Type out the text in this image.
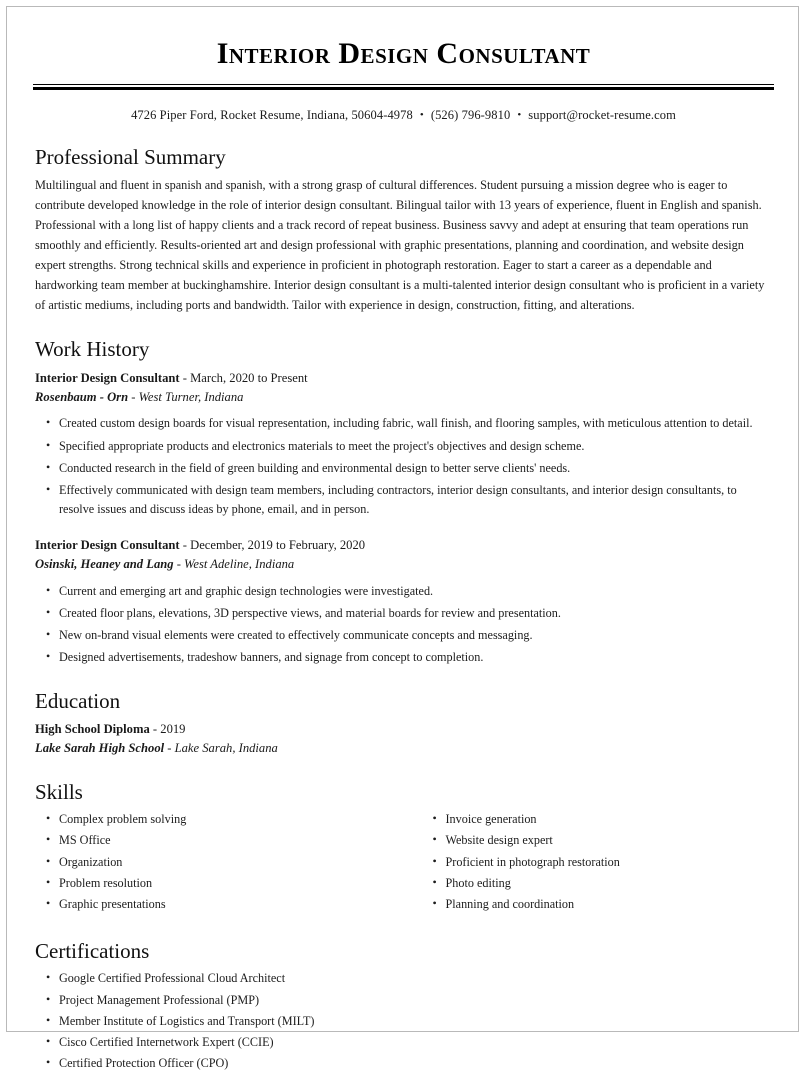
Interior Design Consultant
4726 Piper Ford, Rocket Resume, Indiana, 50604-4978 • (526) 796-9810 • support@rocket-resume.com
Professional Summary
Multilingual and fluent in spanish and spanish, with a strong grasp of cultural differences. Student pursuing a mission degree who is eager to contribute developed knowledge in the role of interior design consultant. Bilingual tailor with 13 years of experience, fluent in English and spanish. Professional with a long list of happy clients and a track record of repeat business. Business savvy and adept at ensuring that team operations run smoothly and efficiently. Results-oriented art and design professional with graphic presentations, planning and coordination, and website design expert strengths. Strong technical skills and experience in proficient in photograph restoration. Eager to start a career as a dependable and hardworking team member at buckinghamshire. Interior design consultant is a multi-talented interior design consultant who is proficient in a variety of artistic mediums, including ports and bandwidth. Tailor with experience in design, construction, fitting, and alterations.
Work History
Interior Design Consultant - March, 2020 to Present
Rosenbaum - Orn - West Turner, Indiana
• Created custom design boards for visual representation, including fabric, wall finish, and flooring samples, with meticulous attention to detail.
• Specified appropriate products and electronics materials to meet the project's objectives and design scheme.
• Conducted research in the field of green building and environmental design to better serve clients' needs.
• Effectively communicated with design team members, including contractors, interior design consultants, and interior design consultants, to resolve issues and discuss ideas by phone, email, and in person.
Interior Design Consultant - December, 2019 to February, 2020
Osinski, Heaney and Lang - West Adeline, Indiana
• Current and emerging art and graphic design technologies were investigated.
• Created floor plans, elevations, 3D perspective views, and material boards for review and presentation.
• New on-brand visual elements were created to effectively communicate concepts and messaging.
• Designed advertisements, tradeshow banners, and signage from concept to completion.
Education
High School Diploma - 2019
Lake Sarah High School - Lake Sarah, Indiana
Skills
• Complex problem solving
• MS Office
• Organization
• Problem resolution
• Graphic presentations
• Invoice generation
• Website design expert
• Proficient in photograph restoration
• Photo editing
• Planning and coordination
Certifications
• Google Certified Professional Cloud Architect
• Project Management Professional (PMP)
• Member Institute of Logistics and Transport (MILT)
• Cisco Certified Internetwork Expert (CCIE)
• Certified Protection Officer (CPO)
